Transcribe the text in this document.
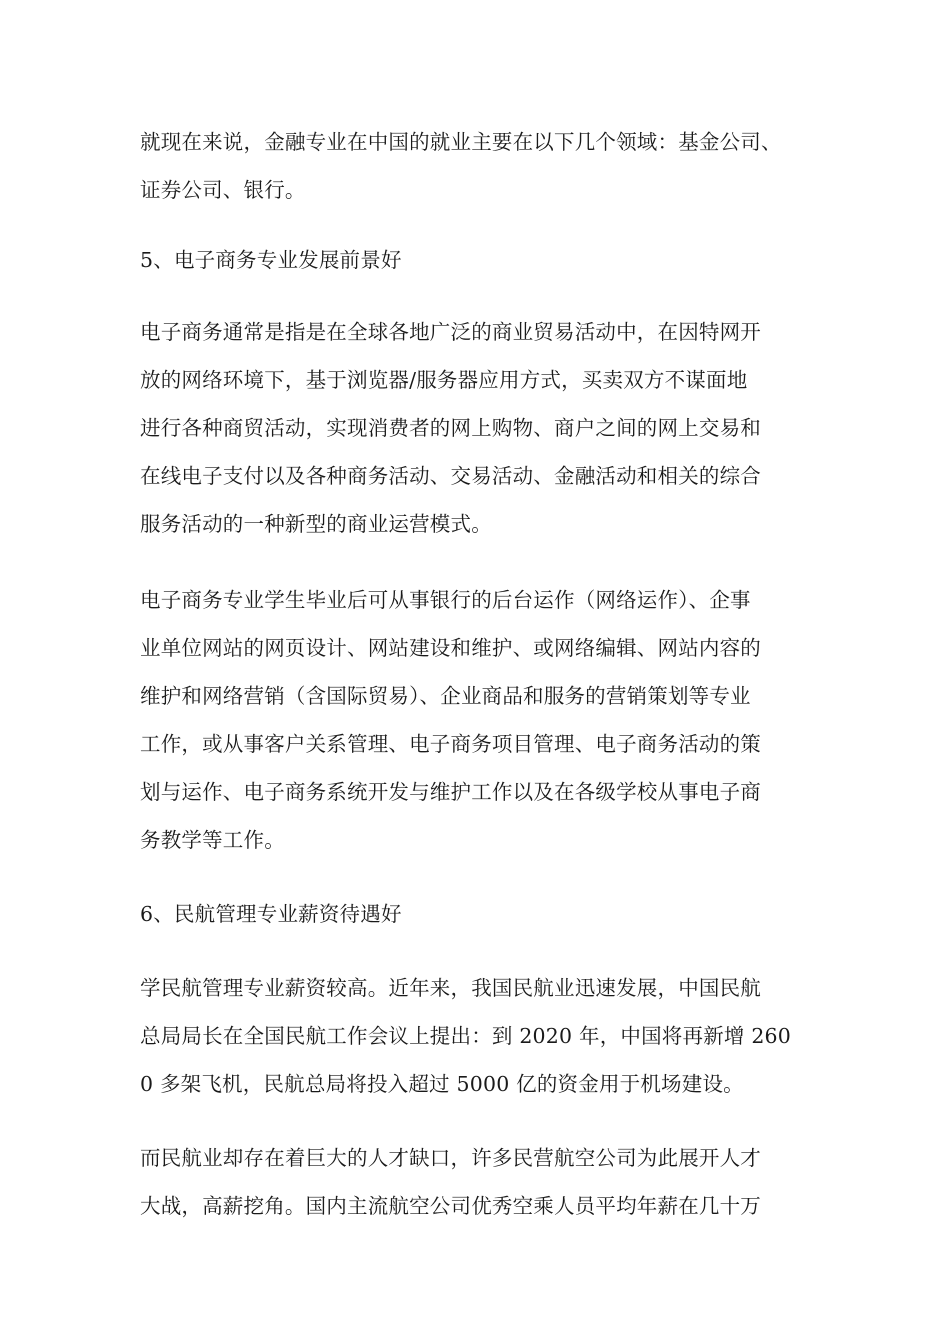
就现在来说，金融专业在中国的就业主要在以下几个领域：基金公司、
证券公司、银行。
5、电子商务专业发展前景好
电子商务通常是指是在全球各地广泛的商业贸易活动中，在因特网开
放的网络环境下，基于浏览器/服务器应用方式，买卖双方不谋面地
进行各种商贸活动，实现消费者的网上购物、商户之间的网上交易和
在线电子支付以及各种商务活动、交易活动、金融活动和相关的综合
服务活动的一种新型的商业运营模式。
电子商务专业学生毕业后可从事银行的后台运作（网络运作）、企事
业单位网站的网页设计、网站建设和维护、或网络编辑、网站内容的
维护和网络营销（含国际贸易）、企业商品和服务的营销策划等专业
工作，或从事客户关系管理、电子商务项目管理、电子商务活动的策
划与运作、电子商务系统开发与维护工作以及在各级学校从事电子商
务教学等工作。
6、民航管理专业薪资待遇好
学民航管理专业薪资较高。近年来，我国民航业迅速发展，中国民航
总局局长在全国民航工作会议上提出：到 2020 年，中国将再新增 260
0 多架飞机，民航总局将投入超过 5000 亿的资金用于机场建设。
而民航业却存在着巨大的人才缺口，许多民营航空公司为此展开人才
大战，高薪挖角。国内主流航空公司优秀空乘人员平均年薪在几十万
